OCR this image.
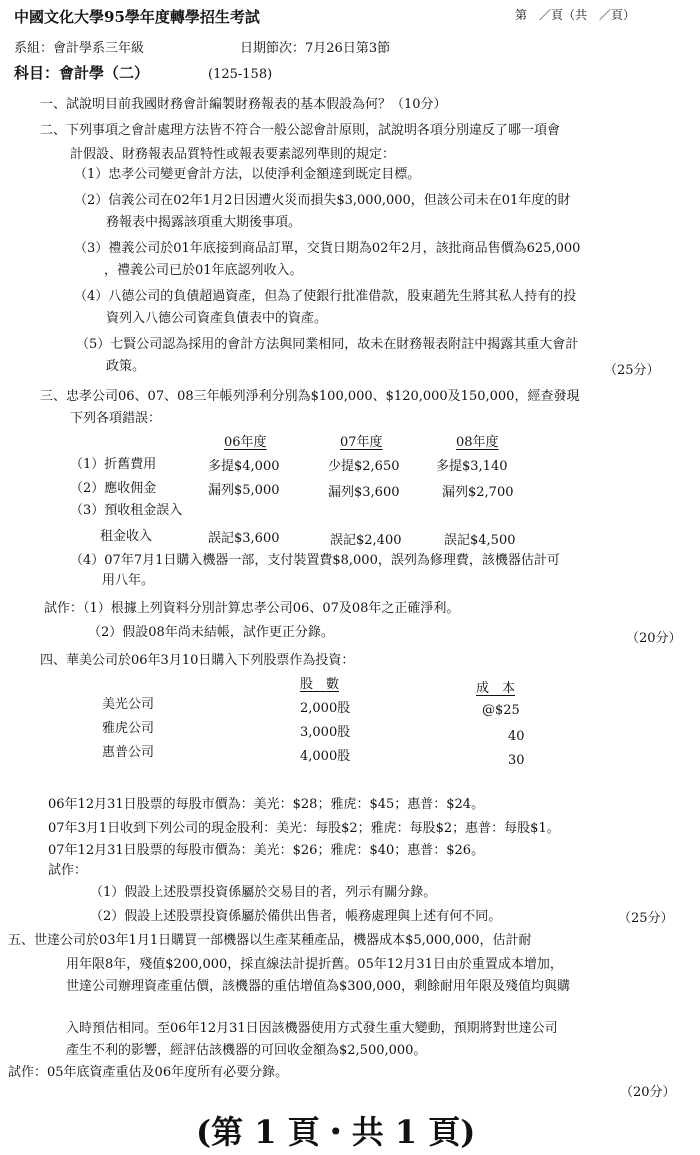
中國文化大學95學年度轉學招生考試	第　／頁（共　／頁）
系組：會計學系三年級	日期節次：7月26日第3節
科目：會計學（二）	(125-158)
一、試說明目前我國財務會計編製財務報表的基本假設為何？（10分）
二、下列事項之會計處理方法皆不符合一般公認會計原則，試說明各項分別違反了哪一項會
計假設、財務報表品質特性或報表要素認列準則的規定：
（1）忠孝公司變更會計方法，以使淨利金額達到既定目標。
（2）信義公司在02年1月2日因遭火災而損失$3,000,000，但該公司未在01年度的財
務報表中揭露該項重大期後事項。
（3）禮義公司於01年底接到商品訂單，交貨日期為02年2月，該批商品售價為625,000
，禮義公司已於01年底認列收入。
（4）八德公司的負債超過資產，但為了使銀行批准借款，股東趙先生將其私人持有的投
資列入八德公司資產負債表中的資產。
（5）七賢公司認為採用的會計方法與同業相同，故未在財務報表附註中揭露其重大會計
政策。	（25分）
三、忠孝公司06、07、08三年帳列淨利分別為$100,000、$120,000及150,000，經查發現
下列各項錯誤：
06年度	07年度	08年度
（1）折舊費用	多提$4,000	少提$2,650	多提$3,140
（2）應收佣金	漏列$5,000	漏列$3,600	漏列$2,700
（3）預收租金誤入
租金收入	誤記$3,600	誤記$2,400	誤記$4,500
（4）07年7月1日購入機器一部，支付裝置費$8,000，誤列為修理費，該機器估計可
用八年。
試作：（1）根據上列資料分別計算忠孝公司06、07及08年之正確淨利。
（2）假設08年尚未結帳，試作更正分錄。	（20分）
四、華美公司於06年3月10日購入下列股票作為投資：
股　數	成　本
美光公司	2,000股	@$25
雅虎公司	3,000股	40
惠普公司	4,000股	30
06年12月31日股票的每股市價為：美光：$28；雅虎：$45；惠普：$24。
07年3月1日收到下列公司的現金股利：美光：每股$2；雅虎：每股$2；惠普：每股$1。
07年12月31日股票的每股市價為：美光：$26；雅虎：$40；惠普：$26。
試作：
（1）假設上述股票投資係屬於交易目的者，列示有關分錄。
（2）假設上述股票投資係屬於備供出售者，帳務處理與上述有何不同。	（25分）
五、世達公司於03年1月1日購買一部機器以生產某種產品，機器成本$5,000,000，估計耐
用年限8年，殘值$200,000，採直線法計提折舊。05年12月31日由於重置成本增加，
世達公司辦理資產重估價，該機器的重估增值為$300,000，剩餘耐用年限及殘值均與購
入時預估相同。至06年12月31日因該機器使用方式發生重大變動，預期將對世達公司
產生不利的影響，經評估該機器的可回收金額為$2,500,000。
試作：05年底資產重估及06年度所有必要分錄。
（20分）
(第 1 頁・共 1 頁)
